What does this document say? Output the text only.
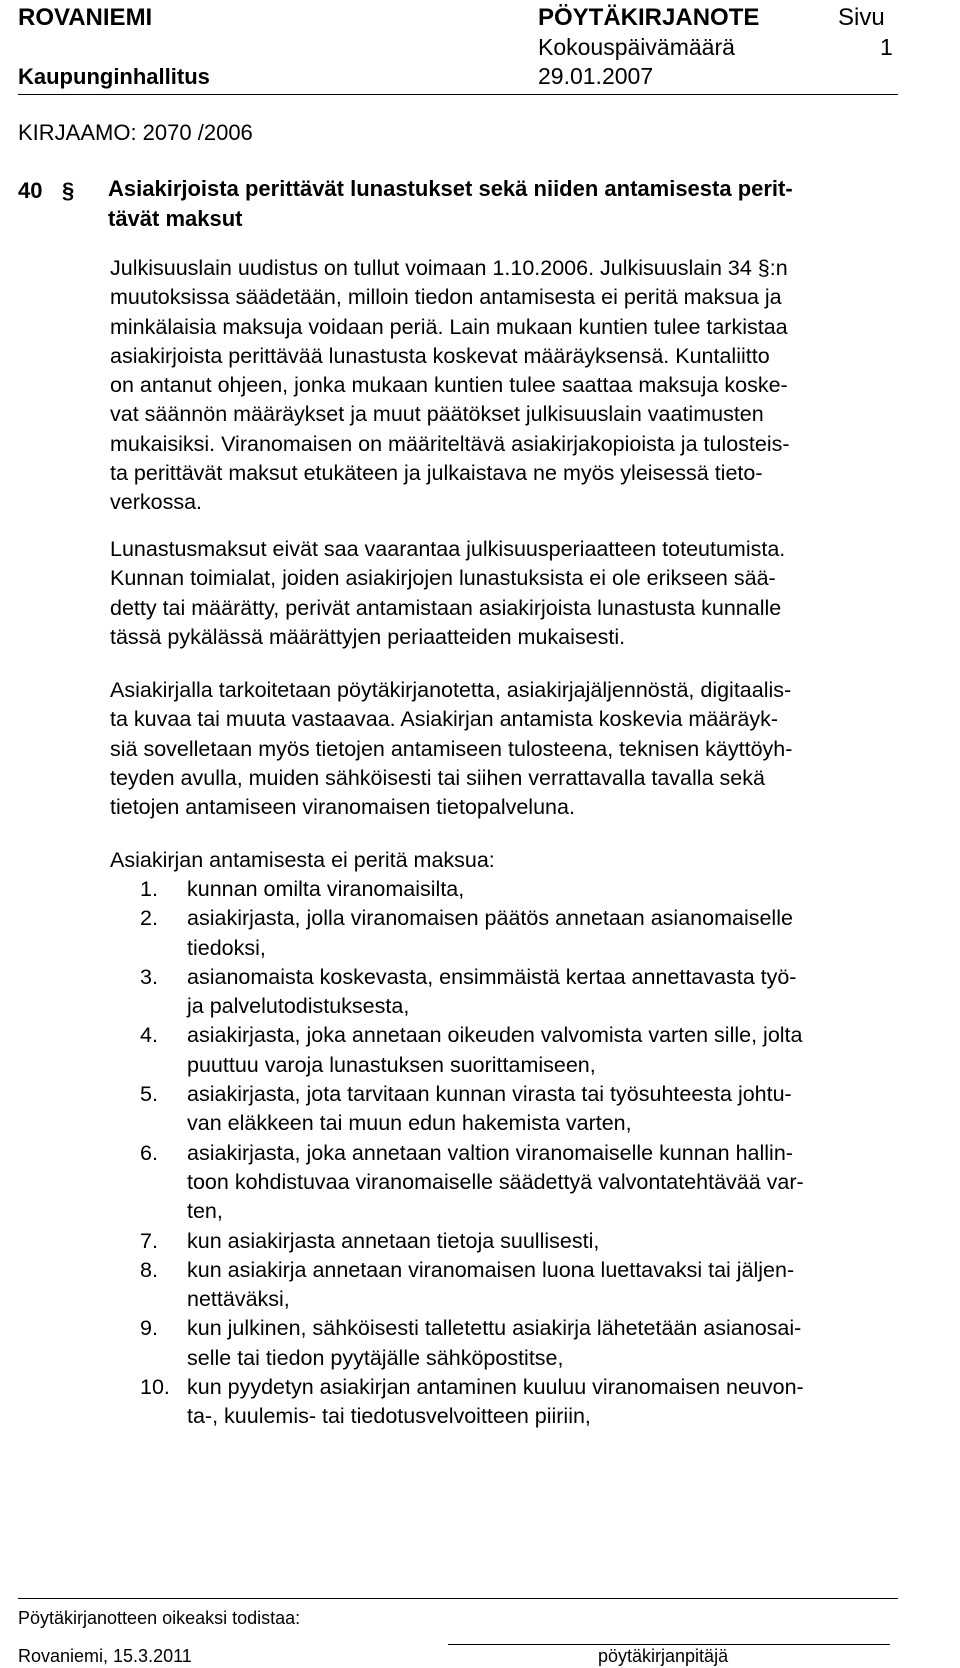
ROVANIEMI	PÖYTÄKIRJANOTE	Sivu
Kokouspäivämäärä	1
Kaupunginhallitus	29.01.2007
KIRJAAMO: 2070 /2006
40 § Asiakirjoista perittävät lunastukset sekä niiden antamisesta perit-
tävät maksut
Julkisuuslain uudistus on tullut voimaan 1.10.2006. Julkisuuslain 34 §:n
muutoksissa säädetään, milloin tiedon antamisesta ei peritä maksua ja
minkälaisia maksuja voidaan periä. Lain mukaan kuntien tulee tarkistaa
asiakirjoista perittävää lunastusta koskevat määräyksensä. Kuntaliitto
on antanut ohjeen, jonka mukaan kuntien tulee saattaa maksuja koske-
vat säännön määräykset ja muut päätökset julkisuuslain vaatimusten
mukaisiksi. Viranomaisen on määriteltävä asiakirjakopioista ja tulosteis-
ta perittävät maksut etukäteen ja julkaistava ne myös yleisessä tieto-
verkossa.
Lunastusmaksut eivät saa vaarantaa julkisuusperiaatteen toteutumista.
Kunnan toimialat, joiden asiakirjojen lunastuksista ei ole erikseen sää-
detty tai määrätty, perivät antamistaan asiakirjoista lunastusta kunnalle
tässä pykälässä määrättyjen periaatteiden mukaisesti.
Asiakirjalla tarkoitetaan pöytäkirjanotetta, asiakirjajäljennöstä, digitaalis-
ta kuvaa tai muuta vastaavaa. Asiakirjan antamista koskevia määräyk-
siä sovelletaan myös tietojen antamiseen tulosteena, teknisen käyttöyh-
teyden avulla, muiden sähköisesti tai siihen verrattavalla tavalla sekä
tietojen antamiseen viranomaisen tietopalveluna.
Asiakirjan antamisesta ei peritä maksua:
1. kunnan omilta viranomaisilta,
2. asiakirjasta, jolla viranomaisen päätös annetaan asianomaiselle
tiedoksi,
3. asianomaista koskevasta, ensimmäistä kertaa annettavasta työ-
ja palvelutodistuksesta,
4. asiakirjasta, joka annetaan oikeuden valvomista varten sille, jolta
puuttuu varoja lunastuksen suorittamiseen,
5. asiakirjasta, jota tarvitaan kunnan virasta tai työsuhteesta johtu-
van eläkkeen tai muun edun hakemista varten,
6. asiakirjasta, joka annetaan valtion viranomaiselle kunnan hallin-
toon kohdistuvaa viranomaiselle säädettyä valvontatehtävää var-
ten,
7. kun asiakirjasta annetaan tietoja suullisesti,
8. kun asiakirja annetaan viranomaisen luona luettavaksi tai jäljen-
nettäväksi,
9. kun julkinen, sähköisesti talletettu asiakirja lähetetään asianosai-
selle tai tiedon pyytäjälle sähköpostitse,
10. kun pyydetyn asiakirjan antaminen kuuluu viranomaisen neuvon-
ta-, kuulemis- tai tiedotusvelvoitteen piiriin,
Pöytäkirjanotteen oikeaksi todistaa:
Rovaniemi, 15.3.2011	pöytäkirjanpitäjä
